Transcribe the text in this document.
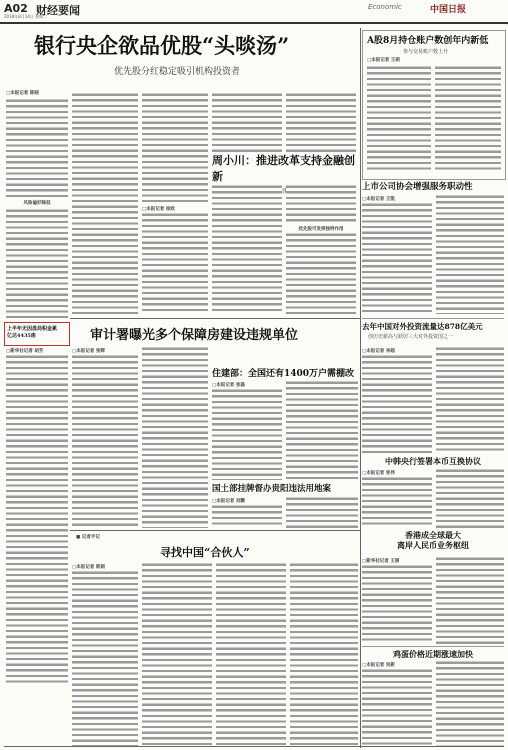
A02 财经要闻
2018年8月14日 星期二
Economic	中国日报
银行央企欲品优股“头啖汤”
优先股分红稳定吸引机构投资者
□本报记者 陈晓
风险偏好降低
周小川：推进改革支持金融创新
□本报记者 徐政
优先股可发挥独特作用
A股8月持仓账户数创年内新低
参与交易账户数上升
□本报记者 王硕
上市公司协会增强服务职动性
□本报记者 王凯
上半年无因盘局积金累
亿达4435座
□新华社记者 胡芳
审计署曝光多个保障房建设违规单位
□本报记者 张辉
住建部：全国还有1400万户需棚改
□本报记者 张磊
国土部挂牌督办贵阳违法用地案
□本报记者 刘鹏
去年中国对外投资流量达878亿美元
创历史新高与跃居三大对外投资国之一
□本报记者 李超
中韩央行签署本币互换协议
□本报记者 张伟
香港成全球最大
离岸人民币业务枢纽
□新华社记者 王丽
■ 记者手记
寻找中国“合伙人”
□本报记者 陈娟
鸡蛋价格近期涨速加快
□本报记者 吴新
